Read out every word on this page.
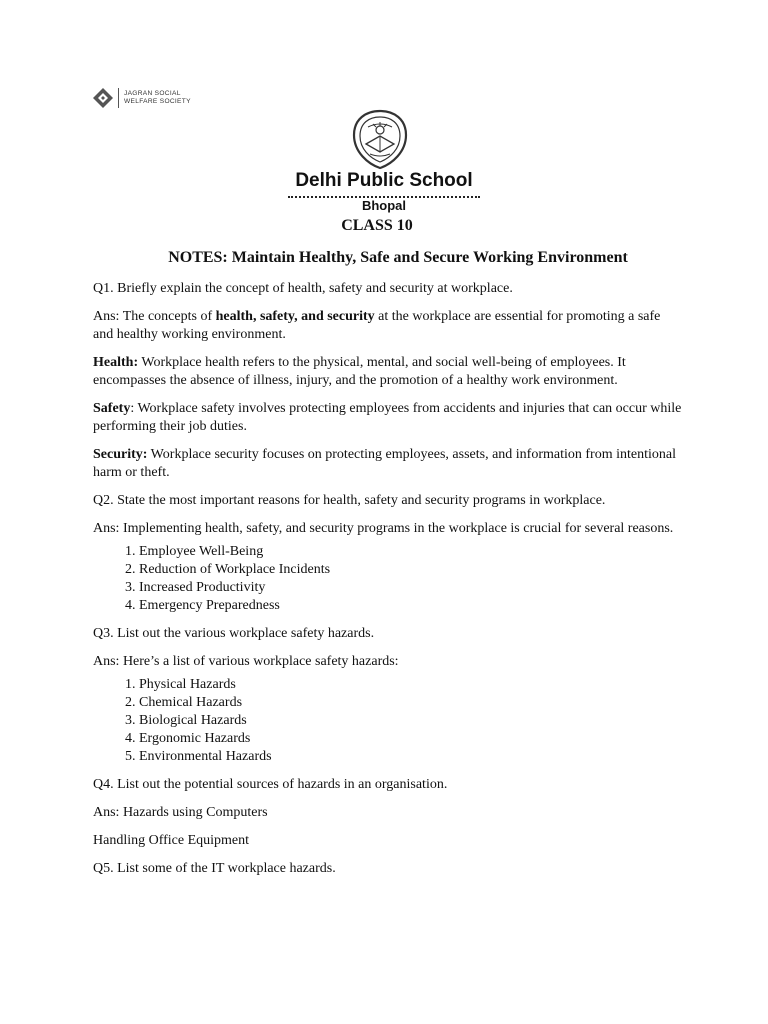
JAGRAN SOCIAL
WELFARE SOCIETY
Delhi Public School
Bhopal
CLASS 10
NOTES: Maintain Healthy, Safe and Secure Working Environment

Q1. Briefly explain the concept of health, safety and security at workplace.

Ans: The concepts of health, safety, and security at the workplace are essential for promoting a safe and healthy working environment.

Health: Workplace health refers to the physical, mental, and social well-being of employees. It encompasses the absence of illness, injury, and the promotion of a healthy work environment.

Safety: Workplace safety involves protecting employees from accidents and injuries that can occur while performing their job duties.

Security: Workplace security focuses on protecting employees, assets, and information from intentional harm or theft.

Q2. State the most important reasons for health, safety and security programs in workplace.

Ans: Implementing health, safety, and security programs in the workplace is crucial for several reasons.

1. Employee Well-Being
2. Reduction of Workplace Incidents
3. Increased Productivity
4. Emergency Preparedness

Q3. List out the various workplace safety hazards.

Ans: Here’s a list of various workplace safety hazards:

1. Physical Hazards
2. Chemical Hazards
3. Biological Hazards
4. Ergonomic Hazards
5. Environmental Hazards

Q4. List out the potential sources of hazards in an organisation.

Ans: Hazards using Computers

Handling Office Equipment

Q5. List some of the IT workplace hazards.
